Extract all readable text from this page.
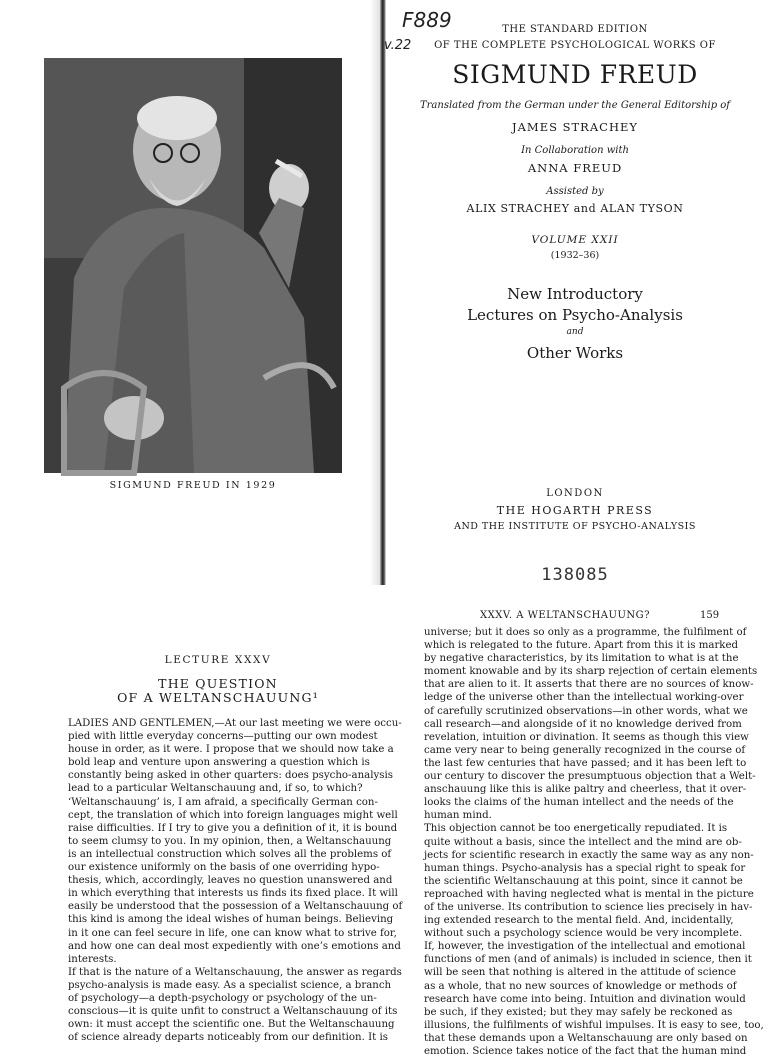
SIGMUND FREUD IN 1929
F889
v.22
THE STANDARD EDITION
OF THE COMPLETE PSYCHOLOGICAL WORKS OF
SIGMUND FREUD
Translated from the German under the General Editorship of
JAMES STRACHEY
In Collaboration with
ANNA FREUD
Assisted by
ALIX STRACHEY and ALAN TYSON
VOLUME XXII
(1932–36)
New Introductory
Lectures on Psycho-Analysis
and
Other Works
LONDON
THE HOGARTH PRESS
AND THE INSTITUTE OF PSYCHO-ANALYSIS
138085
LECTURE XXXV
THE QUESTION
OF A WELTANSCHAUUNG¹
LADIES AND GENTLEMEN,—At our last meeting we were occu-
pied with little everyday concerns—putting our own modest
house in order, as it were. I propose that we should now take a
bold leap and venture upon answering a question which is
constantly being asked in other quarters: does psycho-analysis
lead to a particular Weltanschauung and, if so, to which?
‘Weltanschauung’ is, I am afraid, a specifically German con-
cept, the translation of which into foreign languages might well
raise difficulties. If I try to give you a definition of it, it is bound
to seem clumsy to you. In my opinion, then, a Weltanschauung
is an intellectual construction which solves all the problems of
our existence uniformly on the basis of one overriding hypo-
thesis, which, accordingly, leaves no question unanswered and
in which everything that interests us finds its fixed place. It will
easily be understood that the possession of a Weltanschauung of
this kind is among the ideal wishes of human beings. Believing
in it one can feel secure in life, one can know what to strive for,
and how one can deal most expediently with one’s emotions and
interests.
If that is the nature of a Weltanschauung, the answer as regards
psycho-analysis is made easy. As a specialist science, a branch
of psychology—a depth-psychology or psychology of the un-
conscious—it is quite unfit to construct a Weltanschauung of its
own: it must accept the scientific one. But the Weltanschauung
of science already departs noticeably from our definition. It is
XXXV. A WELTANSCHAUUNG?	159
universe; but it does so only as a programme, the fulfilment of
which is relegated to the future. Apart from this it is marked
by negative characteristics, by its limitation to what is at the
moment knowable and by its sharp rejection of certain elements
that are alien to it. It asserts that there are no sources of know-
ledge of the universe other than the intellectual working-over
of carefully scrutinized observations—in other words, what we
call research—and alongside of it no knowledge derived from
revelation, intuition or divination. It seems as though this view
came very near to being generally recognized in the course of
the last few centuries that have passed; and it has been left to
our century to discover the presumptuous objection that a Welt-
anschauung like this is alike paltry and cheerless, that it over-
looks the claims of the human intellect and the needs of the
human mind.
This objection cannot be too energetically repudiated. It is
quite without a basis, since the intellect and the mind are ob-
jects for scientific research in exactly the same way as any non-
human things. Psycho-analysis has a special right to speak for
the scientific Weltanschauung at this point, since it cannot be
reproached with having neglected what is mental in the picture
of the universe. Its contribution to science lies precisely in hav-
ing extended research to the mental field. And, incidentally,
without such a psychology science would be very incomplete.
If, however, the investigation of the intellectual and emotional
functions of men (and of animals) is included in science, then it
will be seen that nothing is altered in the attitude of science
as a whole, that no new sources of knowledge or methods of
research have come into being. Intuition and divination would
be such, if they existed; but they may safely be reckoned as
illusions, the fulfilments of wishful impulses. It is easy to see, too,
that these demands upon a Weltanschauung are only based on
emotion. Science takes notice of the fact that the human mind
